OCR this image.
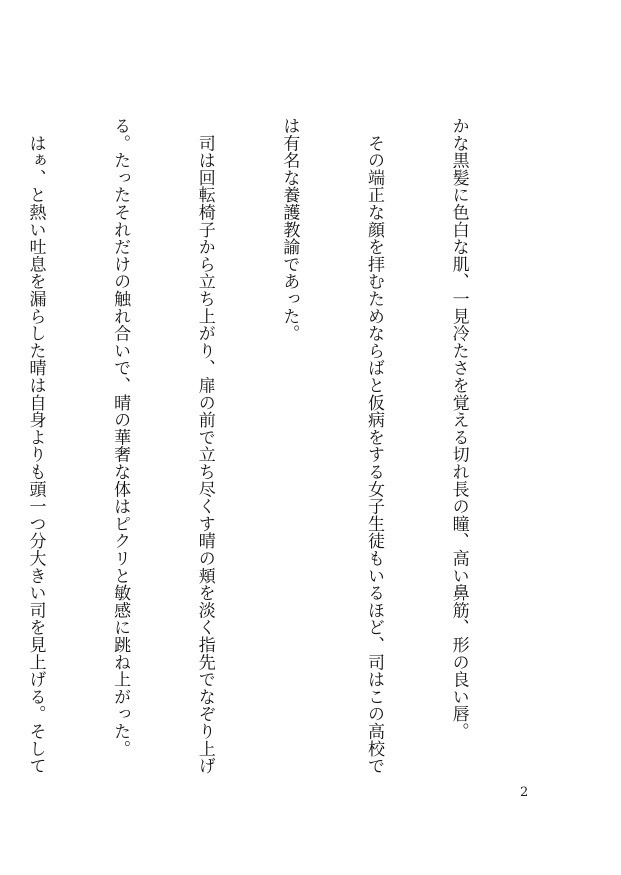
かな黒髪に色白な肌、一見冷たさを覚える切れ長の瞳、高い鼻筋、形の良い唇。

　その端正な顔を拝むためならばと仮病をする女子生徒もいるほど、司はこの高校で

は有名な養護教諭であった。

　司は回転椅子から立ち上がり、扉の前で立ち尽くす晴の頬を淡く指先でなぞり上げ

る。たったそれだけの触れ合いで、晴の華奢な体はピクリと敏感に跳ね上がった。

　はぁ、と熱い吐息を漏らした晴は自身よりも頭一つ分大きい司を見上げる。そして

2
